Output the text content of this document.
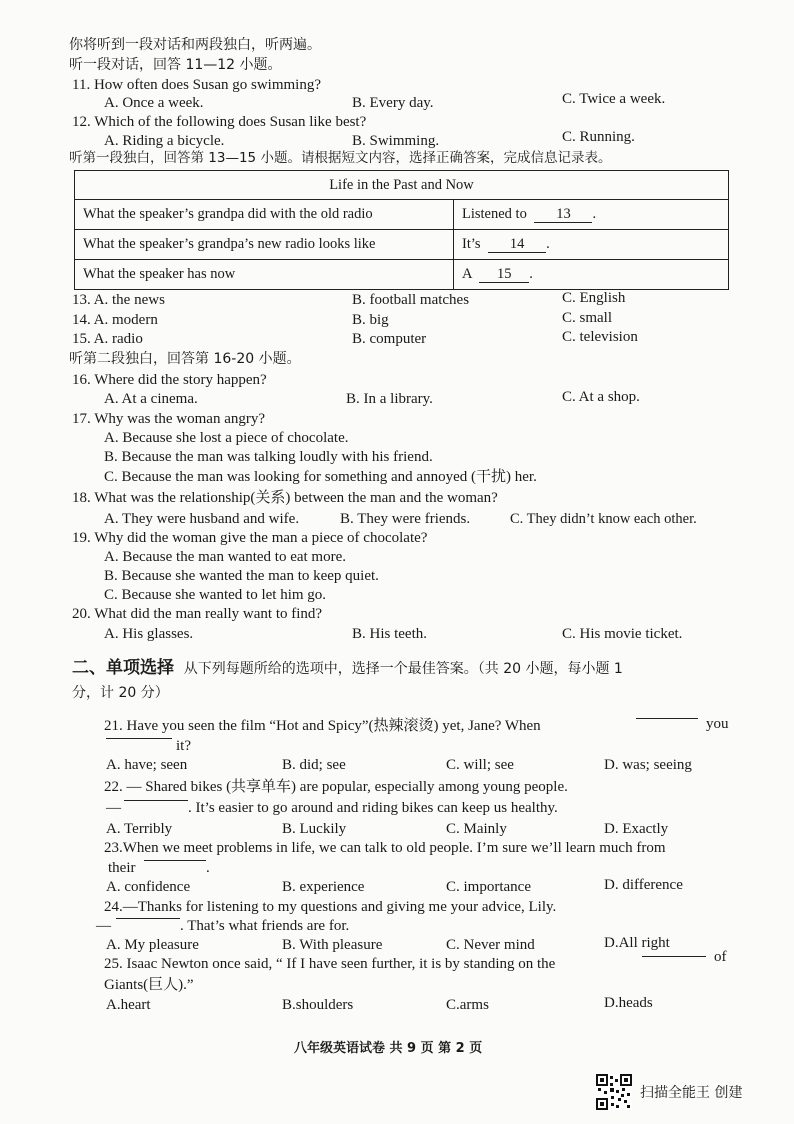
你将听到一段对话和两段独白，听两遍。
听一段对话，回答 11—12 小题。
11. How often does Susan go swimming?
A. Once a week.	B. Every day.	C. Twice a week.
12. Which of the following does Susan like best?
A. Riding a bicycle.	B. Swimming.	C. Running.
听第一段独白，回答第 13—15 小题。请根据短文内容，选择正确答案，完成信息记录表。
Life in the Past and Now	
What the speaker’s grandpa did with the old radio	Listened to 13 .
What the speaker’s grandpa’s new radio looks like	It’s 14 .
What the speaker has now	A 15 .
13. A. the news	B. football matches	C. English
14. A. modern	B. big	C. small
15. A. radio	B. computer	C. television
听第二段独白，回答第 16-20 小题。
16. Where did the story happen?
A. At a cinema.	B. In a library.	C. At a shop.
17. Why was the woman angry?
A. Because she lost a piece of chocolate.
B. Because the man was talking loudly with his friend.
C. Because the man was looking for something and annoyed (干扰) her.
18. What was the relationship(关系) between the man and the woman?
A. They were husband and wife.	B. They were friends.	C. They didn’t know each other.
19. Why did the woman give the man a piece of chocolate?
A. Because the man wanted to eat more.
B. Because she wanted the man to keep quiet.
C. Because she wanted to let him go.
20. What did the man really want to find?
A. His glasses.	B. His teeth.	C. His movie ticket.
二、单项选择 从下列每题所给的选项中，选择一个最佳答案。（共 20 小题，每小题 1
分，计 20 分）
21. Have you seen the film “Hot and Spicy”(热辣滚烫) yet, Jane? When	you
it?
A. have; seen	B. did; see	C. will; see	D. was; seeing
22. — Shared bikes (共享单车) are popular, especially among young people.
—	. It’s easier to go around and riding bikes can keep us healthy.
A. Terribly	B. Luckily	C. Mainly	D. Exactly
23.When we meet problems in life, we can talk to old people. I’m sure we’ll learn much from
their	.
A. confidence	B. experience	C. importance	D. difference
24.—Thanks for listening to my questions and giving me your advice, Lily.
—	. That’s what friends are for.
A. My pleasure	B. With pleasure	C. Never mind	D.All right
25. Isaac Newton once said, “ If I have seen further, it is by standing on the	of
Giants(巨人).”
A.heart	B.shoulders	C.arms	D.heads
八年级英语试卷 共 9 页 第 2 页
扫描全能王 创建
